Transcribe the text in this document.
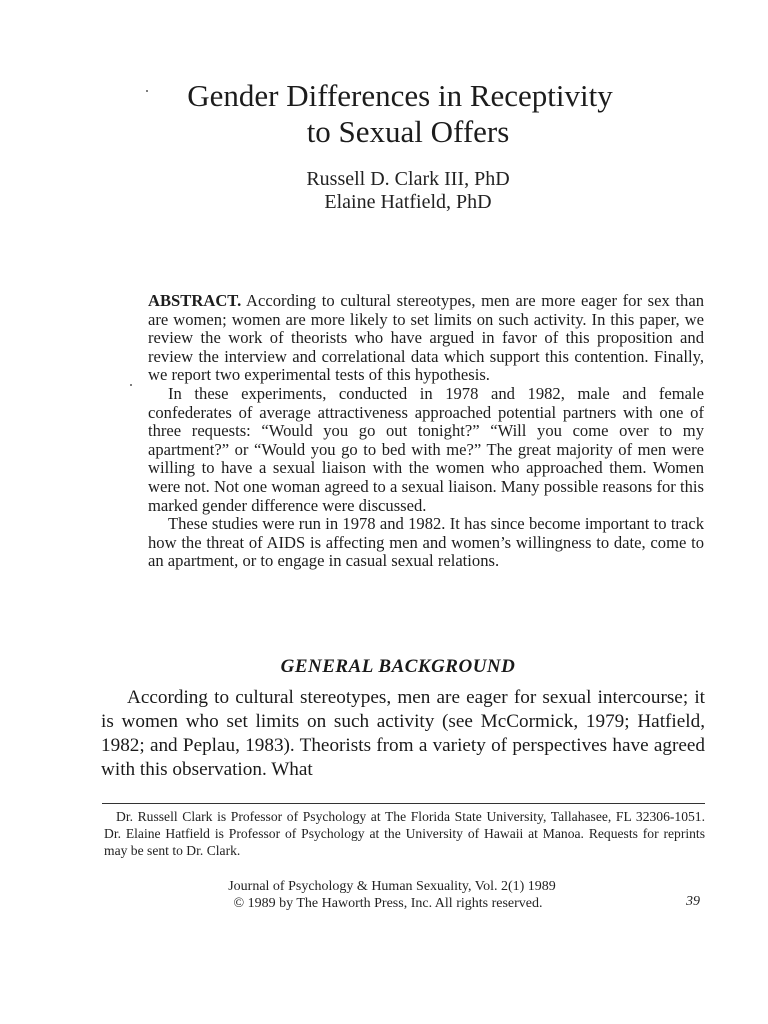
Gender Differences in Receptivity
to Sexual Offers
Russell D. Clark III, PhD
Elaine Hatfield, PhD

ABSTRACT. According to cultural stereotypes, men are more eager for sex than are women; women are more likely to set limits on such activity. In this paper, we review the work of theorists who have argued in favor of this proposition and review the interview and correlational data which support this contention. Finally, we report two experimental tests of this hypothesis.

In these experiments, conducted in 1978 and 1982, male and female confederates of average attractiveness approached potential partners with one of three requests: “Would you go out tonight?” “Will you come over to my apartment?” or “Would you go to bed with me?” The great majority of men were willing to have a sexual liaison with the women who approached them. Women were not. Not one woman agreed to a sexual liaison. Many possible reasons for this marked gender difference were discussed.

These studies were run in 1978 and 1982. It has since become important to track how the threat of AIDS is affecting men and women’s willingness to date, come to an apartment, or to engage in casual sexual relations.

GENERAL BACKGROUND

According to cultural stereotypes, men are eager for sexual intercourse; it is women who set limits on such activity (see McCormick, 1979; Hatfield, 1982; and Peplau, 1983). Theorists from a variety of perspectives have agreed with this observation. What

Dr. Russell Clark is Professor of Psychology at The Florida State University, Tallahasee, FL 32306-1051. Dr. Elaine Hatfield is Professor of Psychology at the University of Hawaii at Manoa. Requests for reprints may be sent to Dr. Clark.

Journal of Psychology & Human Sexuality, Vol. 2(1) 1989
© 1989 by The Haworth Press, Inc. All rights reserved.	39
